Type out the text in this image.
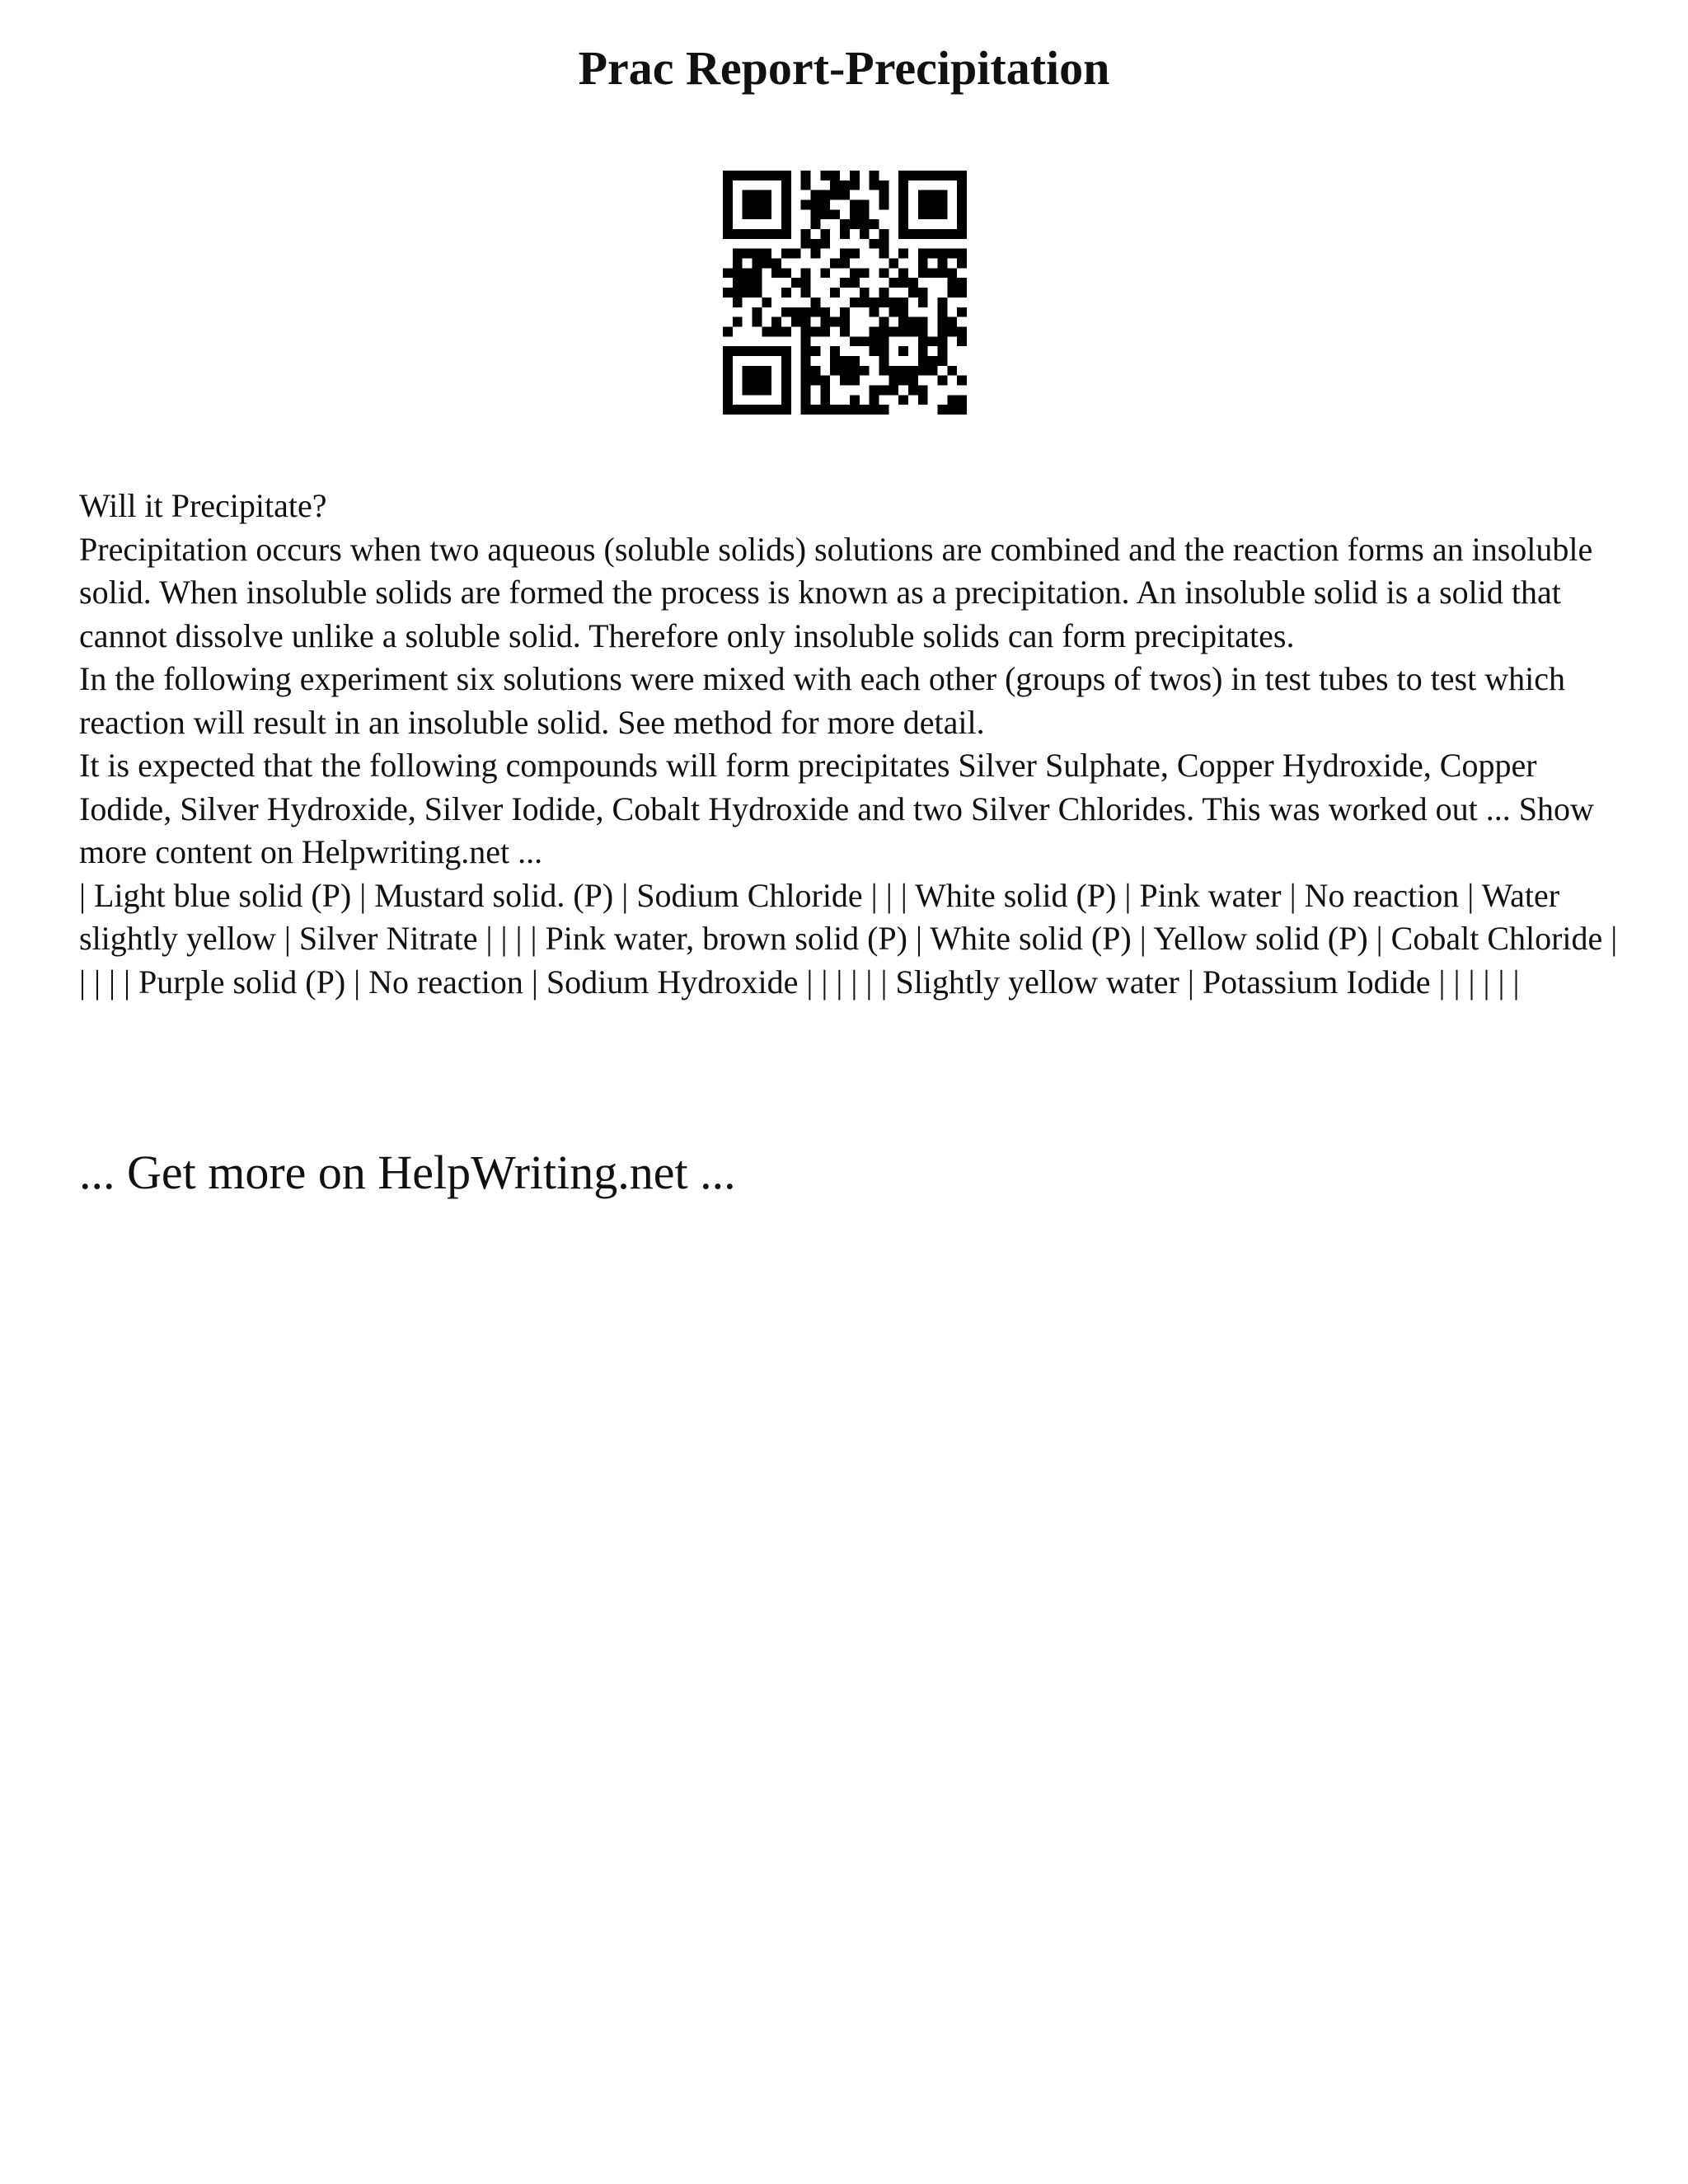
Prac Report-Precipitation

Will it Precipitate?

Precipitation occurs when two aqueous (soluble solids) solutions are combined and the reaction forms an insoluble solid. When insoluble solids are formed the process is known as a precipitation. An insoluble solid is a solid that cannot dissolve unlike a soluble solid. Therefore only insoluble solids can form precipitates.

In the following experiment six solutions were mixed with each other (groups of twos) in test tubes to test which reaction will result in an insoluble solid. See method for more detail.

It is expected that the following compounds will form precipitates Silver Sulphate, Copper Hydroxide, Copper Iodide, Silver Hydroxide, Silver Iodide, Cobalt Hydroxide and two Silver Chlorides. This was worked out ... Show more content on Helpwriting.net ...

| Light blue solid (P) | Mustard solid. (P) | Sodium Chloride | | | White solid (P) | Pink water | No reaction | Water slightly yellow | Silver Nitrate | | | | Pink water, brown solid (P) | White solid (P) | Yellow solid (P) | Cobalt Chloride | | | | | Purple solid (P) | No reaction | Sodium Hydroxide | | | | | | Slightly yellow water | Potassium Iodide | | | | | |

... Get more on HelpWriting.net ...
